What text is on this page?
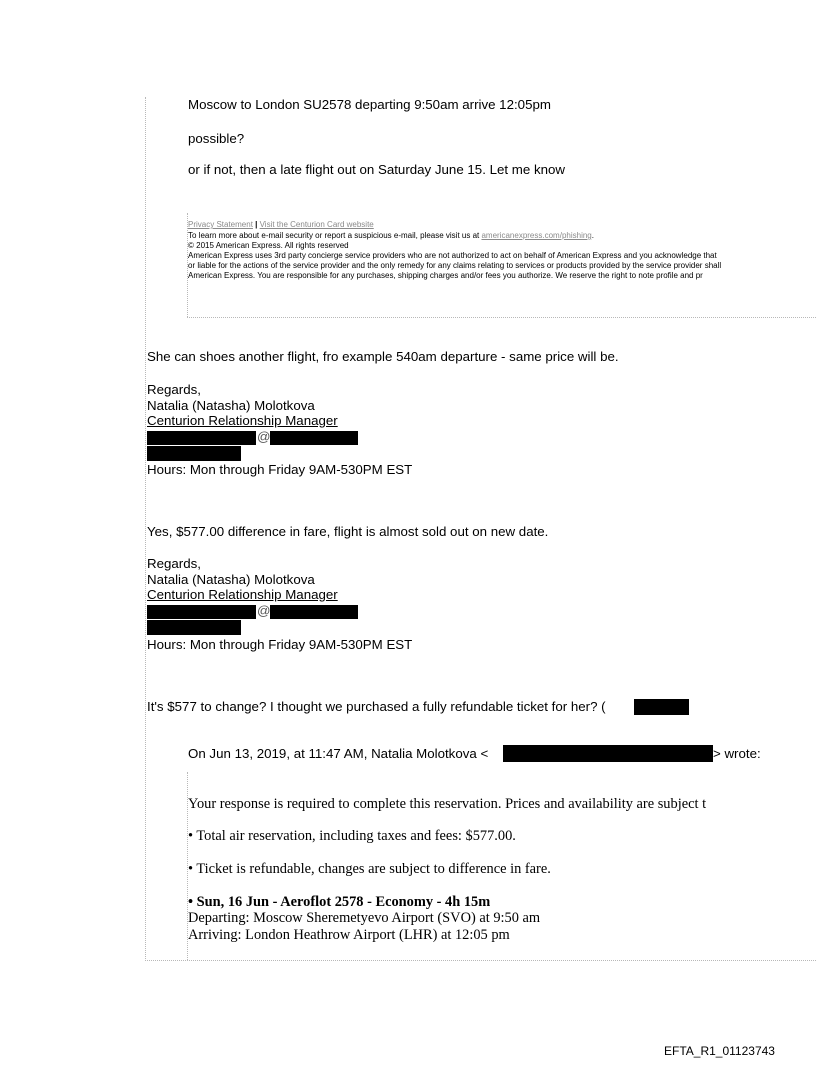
Moscow to London SU2578 departing 9:50am arrive 12:05pm
possible?
or if not, then a late flight out on Saturday June 15. Let me know
Privacy Statement | Visit the Centurion Card website
To learn more about e-mail security or report a suspicious e-mail, please visit us at americanexpress.com/phishing.
© 2015 American Express. All rights reserved
American Express uses 3rd party concierge service providers who are not authorized to act on behalf of American Express and you acknowledge that
or liable for the actions of the service provider and the only remedy for any claims relating to services or products provided by the service provider shall
American Express. You are responsible for any purchases, shipping charges and/or fees you authorize. We reserve the right to note profile and pr
She can shoes another flight, fro example 540am departure - same price will be.
Regards,
Natalia (Natasha) Molotkova
Centurion Relationship Manager
@
Hours: Mon through Friday 9AM-530PM EST
Yes, $577.00 difference in fare, flight is almost sold out on new date.
Regards,
Natalia (Natasha) Molotkova
Centurion Relationship Manager
@
Hours: Mon through Friday 9AM-530PM EST
It's $577 to change? I thought we purchased a fully refundable ticket for her? (
On Jun 13, 2019, at 11:47 AM, Natalia Molotkova <	> wrote:
Your response is required to complete this reservation. Prices and availability are subject t
• Total air reservation, including taxes and fees: $577.00.
• Ticket is refundable, changes are subject to difference in fare.
• Sun, 16 Jun - Aeroflot 2578 - Economy - 4h 15m
Departing: Moscow Sheremetyevo Airport (SVO) at 9:50 am
Arriving: London Heathrow Airport (LHR) at 12:05 pm
EFTA_R1_01123743
